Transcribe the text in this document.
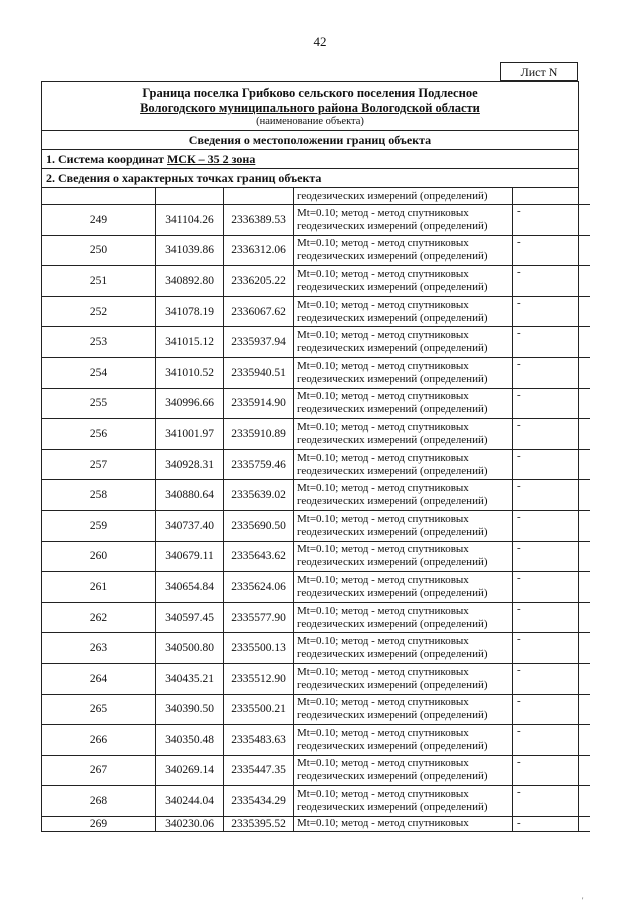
42
Лист N
Граница поселка Грибково сельского поселения Подлесное
Вологодского муниципального района Вологодской области
(наименование объекта)
Сведения о местоположении границ объекта
1. Система координат МСК – 35 2 зона
2. Сведения о характерных точках границ объекта
			геодезических измерений (определений)	
249	341104.26	2336389.53	Mt=0.10; метод - метод спутниковых
геодезических измерений (определений)	-
250	341039.86	2336312.06	Mt=0.10; метод - метод спутниковых
геодезических измерений (определений)	-
251	340892.80	2336205.22	Mt=0.10; метод - метод спутниковых
геодезических измерений (определений)	-
252	341078.19	2336067.62	Mt=0.10; метод - метод спутниковых
геодезических измерений (определений)	-
253	341015.12	2335937.94	Mt=0.10; метод - метод спутниковых
геодезических измерений (определений)	-
254	341010.52	2335940.51	Mt=0.10; метод - метод спутниковых
геодезических измерений (определений)	-
255	340996.66	2335914.90	Mt=0.10; метод - метод спутниковых
геодезических измерений (определений)	-
256	341001.97	2335910.89	Mt=0.10; метод - метод спутниковых
геодезических измерений (определений)	-
257	340928.31	2335759.46	Mt=0.10; метод - метод спутниковых
геодезических измерений (определений)	-
258	340880.64	2335639.02	Mt=0.10; метод - метод спутниковых
геодезических измерений (определений)	-
259	340737.40	2335690.50	Mt=0.10; метод - метод спутниковых
геодезических измерений (определений)	-
260	340679.11	2335643.62	Mt=0.10; метод - метод спутниковых
геодезических измерений (определений)	-
261	340654.84	2335624.06	Mt=0.10; метод - метод спутниковых
геодезических измерений (определений)	-
262	340597.45	2335577.90	Mt=0.10; метод - метод спутниковых
геодезических измерений (определений)	-
263	340500.80	2335500.13	Mt=0.10; метод - метод спутниковых
геодезических измерений (определений)	-
264	340435.21	2335512.90	Mt=0.10; метод - метод спутниковых
геодезических измерений (определений)	-
265	340390.50	2335500.21	Mt=0.10; метод - метод спутниковых
геодезических измерений (определений)	-
266	340350.48	2335483.63	Mt=0.10; метод - метод спутниковых
геодезических измерений (определений)	-
267	340269.14	2335447.35	Mt=0.10; метод - метод спутниковых
геодезических измерений (определений)	-
268	340244.04	2335434.29	Mt=0.10; метод - метод спутниковых
геодезических измерений (определений)	-
269	340230.06	2335395.52	Mt=0.10; метод - метод спутниковых	-
'
